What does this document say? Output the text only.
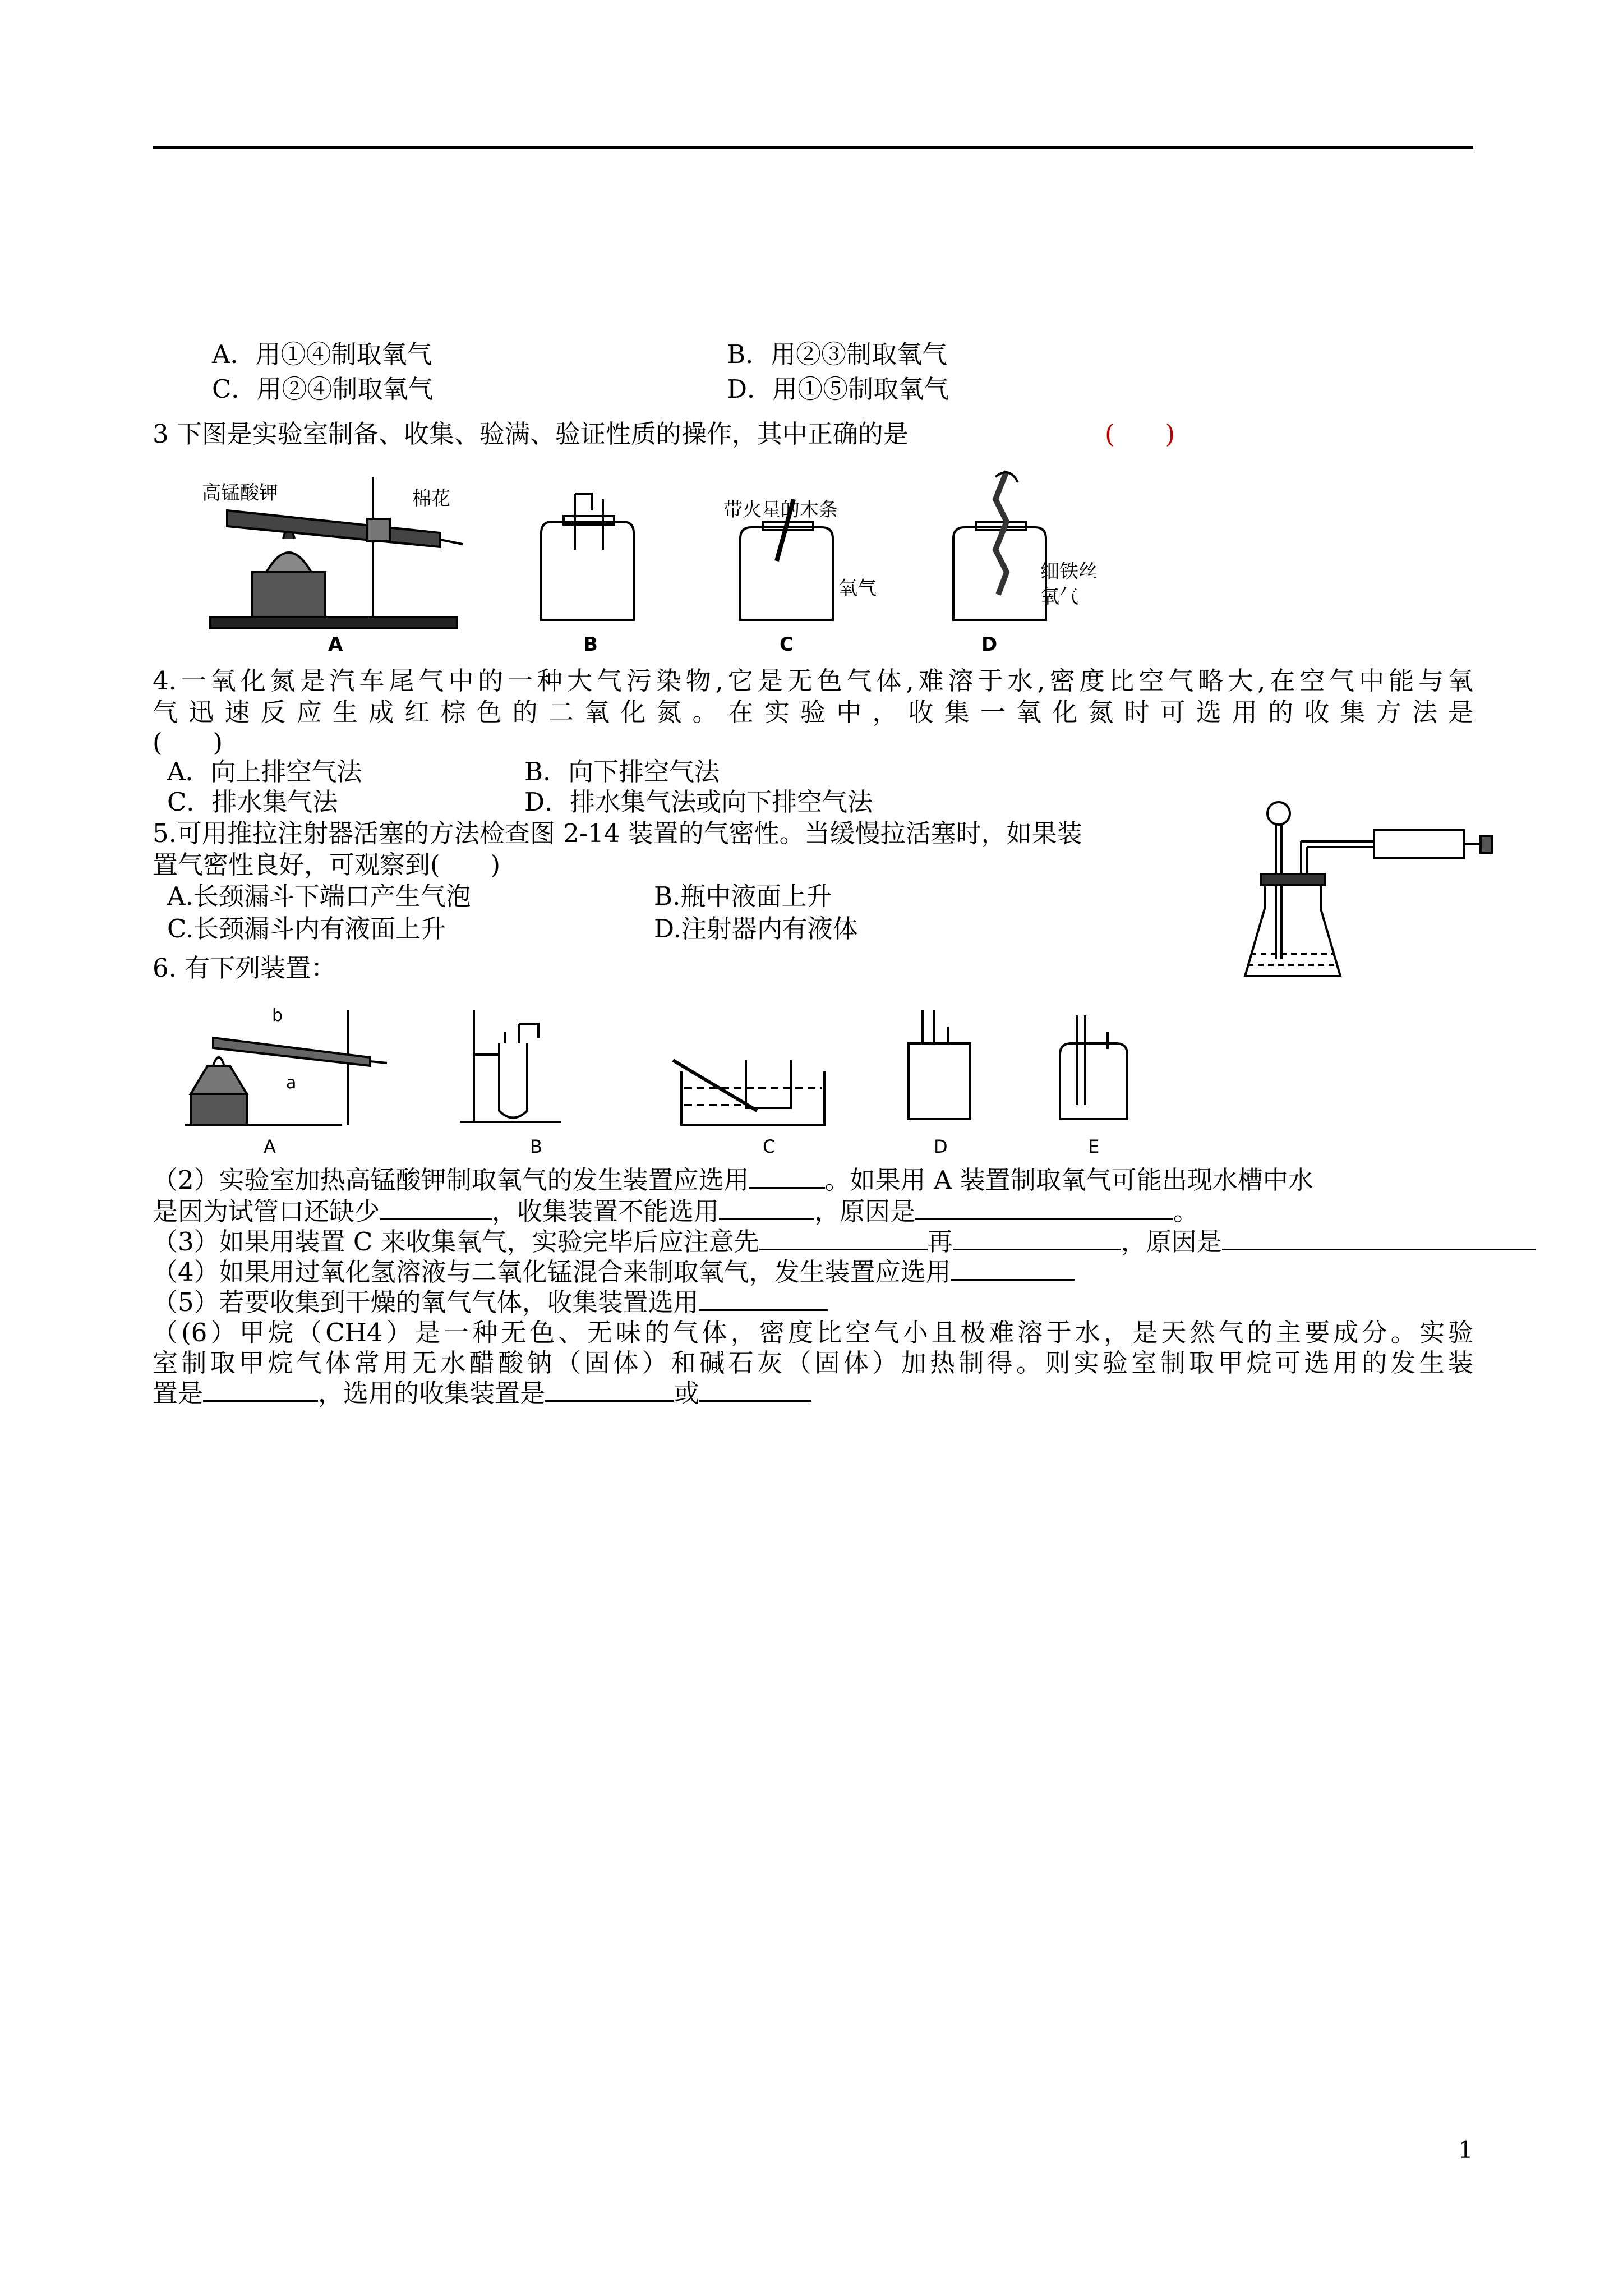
A．用①④制取氧气	B．用②③制取氧气
C．用②④制取氧气	D．用①⑤制取氧气
3 下图是实验室制备、收集、验满、验证性质的操作，其中正确的是	(　　)
高锰酸钾	棉花	带火星的木条
氧气
细铁丝
氧气
A	B	C	D
4.一氧化氮是汽车尾气中的一种大气污染物,它是无色气体,难溶于水,密度比空气略大,在空气中能与氧
气迅速反应生成红棕色的二氧化氮。在实验中，收集一氧化氮时可选用的收集方法是
(　　)
A．向上排空气法	B．向下排空气法
C．排水集气法	D．排水集气法或向下排空气法
5.可用推拉注射器活塞的方法检查图 2-14 装置的气密性。当缓慢拉活塞时，如果装
置气密性良好，可观察到(　　)
A.长颈漏斗下端口产生气泡	B.瓶中液面上升
C.长颈漏斗内有液面上升	D.注射器内有液体
6. 有下列装置：
b
a
A	B	C	D	E
（2）实验室加热高锰酸钾制取氧气的发生装置应选用	。如果用 A 装置制取氧气可能出现水槽中水
是因为试管口还缺少	，收集装置不能选用	，原因是	。
（3）如果用装置 C 来收集氧气，实验完毕后应注意先	再	，原因是
（4）如果用过氧化氢溶液与二氧化锰混合来制取氧气，发生装置应选用
（5）若要收集到干燥的氧气气体，收集装置选用
（(6）甲烷（CH4）是一种无色、无味的气体，密度比空气小且极难溶于水，是天然气的主要成分。实验
室制取甲烷气体常用无水醋酸钠（固体）和碱石灰（固体）加热制得。则实验室制取甲烷可选用的发生装
置是	，选用的收集装置是	或
1
